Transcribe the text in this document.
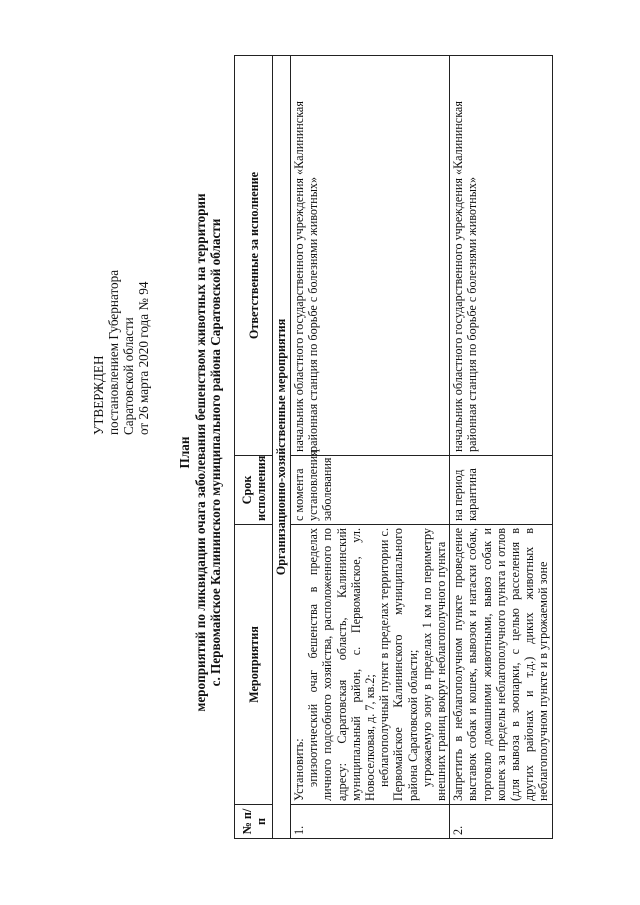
УТВЕРЖДЕН постановлением Губернатора Саратовской области от 26 марта 2020 года № 94
План мероприятий по ликвидации очага заболевания бешенством животных на территории с. Первомайское Калининского муниципального района Саратовской области
№ п/п	Мероприятия	Срок исполнения	Ответственные за исполнение
Организационно-хозяйственные мероприятия			
1.	Установить: эпизоотический очаг бешенства в пределах личного подсобного хозяйства, расположенного по адресу: Саратовская область, Калининский муниципальный район, с. Первомайское, ул. Новоселковая, д. 7, кв.2; неблагополучный пункт в пределах территории с. Первомайское Калининского муниципального района Саратовской области; угрожаемую зону в пределах 1 км по периметру внешних границ вокруг неблагополучного пункта	с момента установления заболевания	начальник областного государственного учреждения «Калининская районная станция по борьбе с болезнями животных»
2.	Запретить в неблагополучном пункте проведение выставок собак и кошек, вывозок и натаски собак, торговлю домашними животными, вывоз собак и кошек за пределы неблагополучного пункта и отлов (для вывоза в зоопарки, с целью расселения в других районах и т.д.) диких животных в неблагополучном пункте и в угрожаемой зоне	на период карантина	начальник областного государственного учреждения «Калининская районная станция по борьбе с болезнями животных»
